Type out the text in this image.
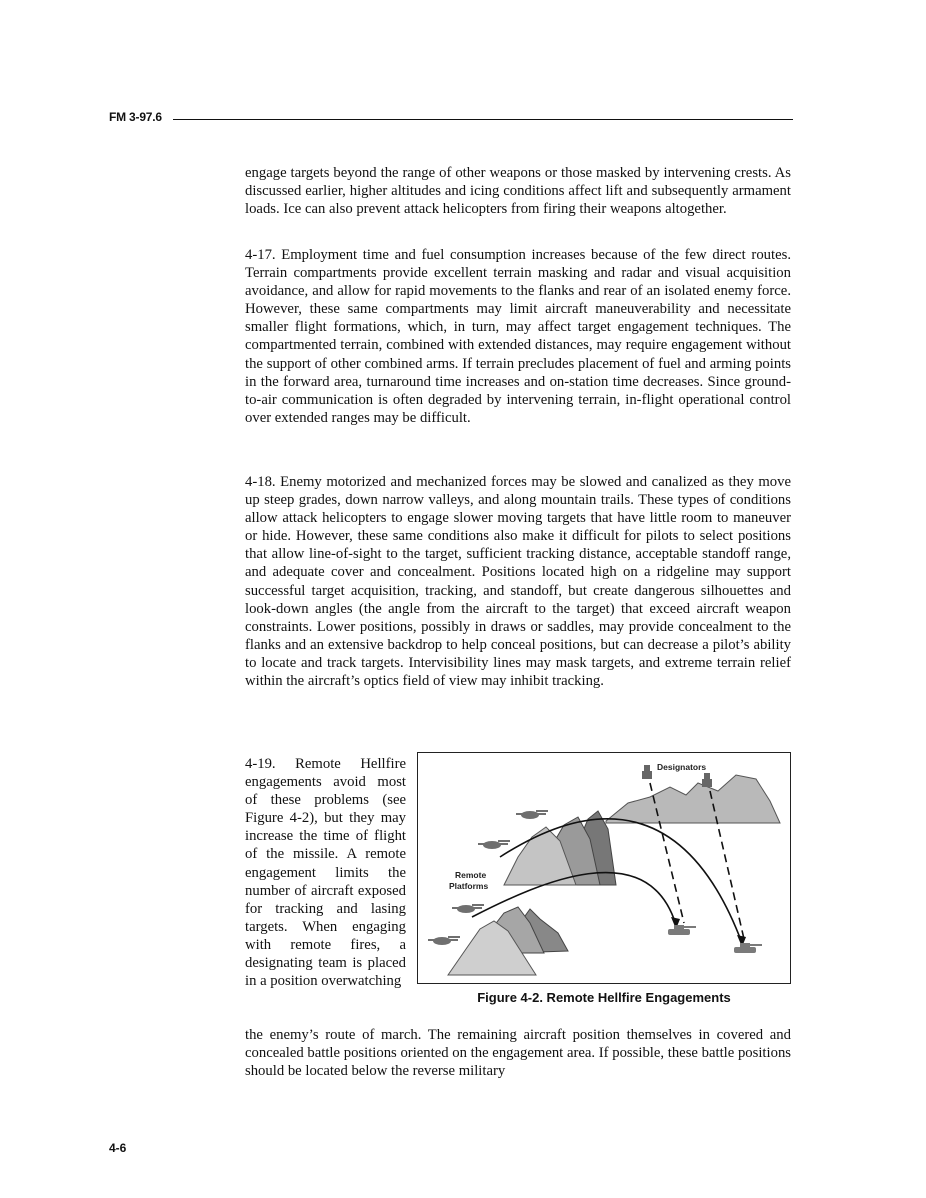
FM 3-97.6

engage targets beyond the range of other weapons or those masked by intervening crests. As discussed earlier, higher altitudes and icing conditions affect lift and subsequently armament loads. Ice can also prevent attack helicopters from firing their weapons altogether.

4-17. Employment time and fuel consumption increases because of the few direct routes. Terrain compartments provide excellent terrain masking and radar and visual acquisition avoidance, and allow for rapid movements to the flanks and rear of an isolated enemy force. However, these same compartments may limit aircraft maneuverability and necessitate smaller flight formations, which, in turn, may affect target engagement techniques. The compartmented terrain, combined with extended distances, may require engagement without the support of other combined arms. If terrain precludes placement of fuel and arming points in the forward area, turnaround time increases and on-station time decreases. Since ground-to-air communication is often degraded by intervening terrain, in-flight operational control over extended ranges may be difficult.

4-18. Enemy motorized and mechanized forces may be slowed and canalized as they move up steep grades, down narrow valleys, and along mountain trails. These types of conditions allow attack helicopters to engage slower moving targets that have little room to maneuver or hide. However, these same conditions also make it difficult for pilots to select positions that allow line-of-sight to the target, sufficient tracking distance, acceptable standoff range, and adequate cover and concealment. Positions located high on a ridgeline may support successful target acquisition, tracking, and standoff, but create dangerous silhouettes and look-down angles (the angle from the aircraft to the target) that exceed aircraft weapon constraints. Lower positions, possibly in draws or saddles, may provide concealment to the flanks and an extensive backdrop to help conceal positions, but can decrease a pilot’s ability to locate and track targets. Intervisibility lines may mask targets, and extreme terrain relief within the aircraft’s optics field of view may inhibit tracking.

4-19. Remote Hellfire engagements avoid most of these problems (see Figure 4-2), but they may increase the time of flight of the missile. A remote engagement limits the number of aircraft exposed for tracking and lasing targets. When engaging with remote fires, a designating team is placed in a position overwatching

Designators
Remote
Platforms
Figure 4-2. Remote Hellfire Engagements

the enemy’s route of march. The remaining aircraft position themselves in covered and concealed battle positions oriented on the engagement area. If possible, these battle positions should be located below the reverse military

4-6
